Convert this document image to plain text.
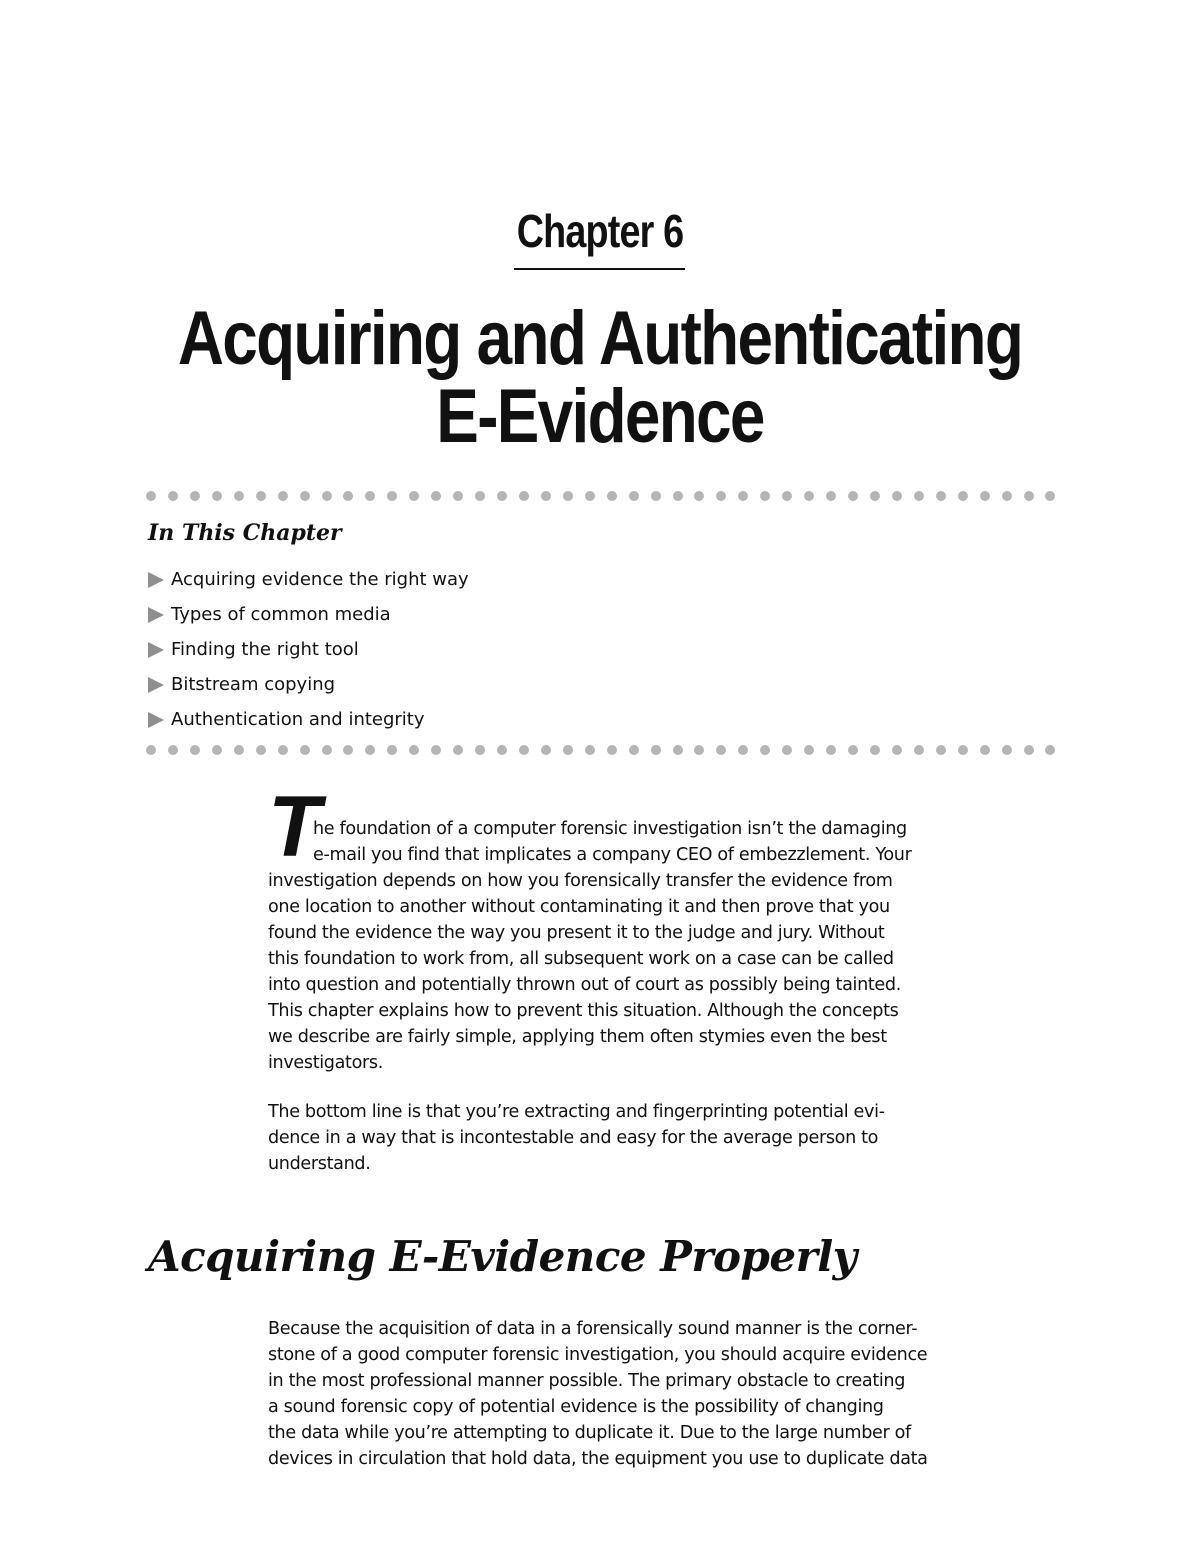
Chapter 6
Acquiring and Authenticating
E-Evidence
In This Chapter
Acquiring evidence the right way
Types of common media
Finding the right tool
Bitstream copying
Authentication and integrity
T
he foundation of a computer forensic investigation isn’t the damaging
e-mail you find that implicates a company CEO of embezzlement. Your
investigation depends on how you forensically transfer the evidence from
one location to another without contaminating it and then prove that you
found the evidence the way you present it to the judge and jury. Without
this foundation to work from, all subsequent work on a case can be called
into question and potentially thrown out of court as possibly being tainted.
This chapter explains how to prevent this situation. Although the concepts
we describe are fairly simple, applying them often stymies even the best
investigators.
The bottom line is that you’re extracting and fingerprinting potential evi-
dence in a way that is incontestable and easy for the average person to
understand.
Acquiring E-Evidence Properly
Because the acquisition of data in a forensically sound manner is the corner-
stone of a good computer forensic investigation, you should acquire evidence
in the most professional manner possible. The primary obstacle to creating
a sound forensic copy of potential evidence is the possibility of changing
the data while you’re attempting to duplicate it. Due to the large number of
devices in circulation that hold data, the equipment you use to duplicate data
